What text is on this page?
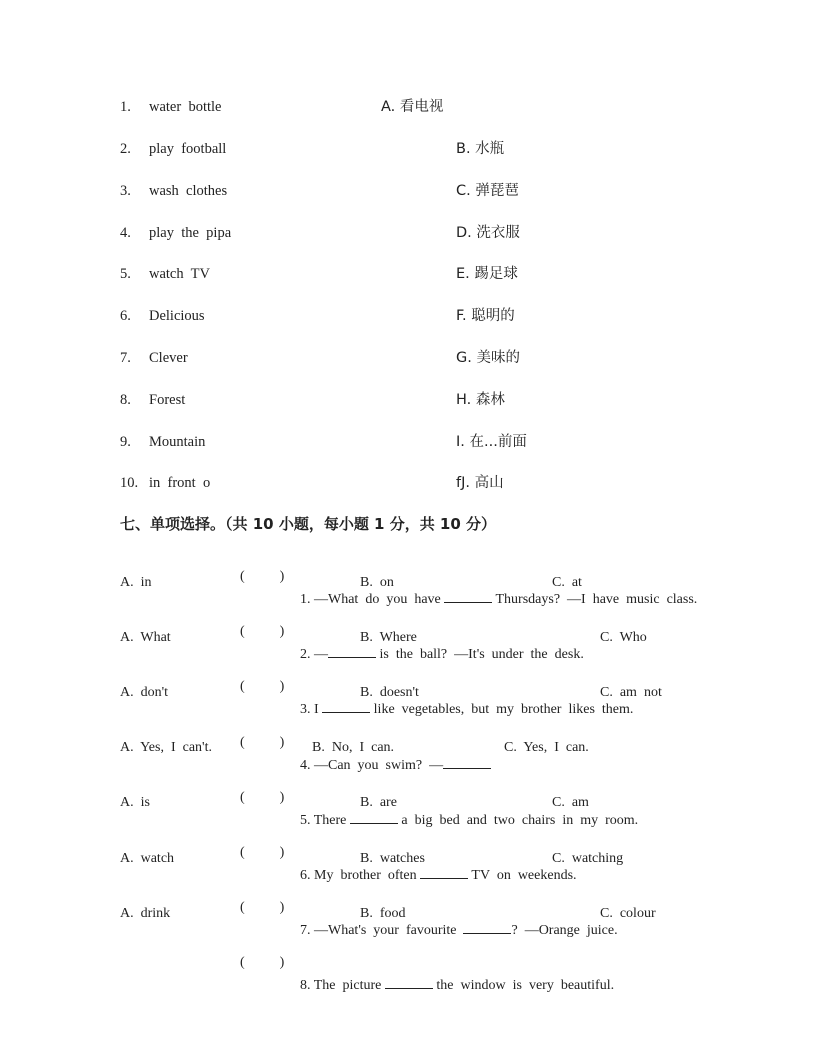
1. water  bottle	A. 看电视
2. play  football	B. 水瓶
3. wash  clothes	C. 弹琵琶
4. play  the  pipa	D. 洗衣服
5. watch  TV	E. 踢足球
6. Delicious	F. 聪明的
7. Clever	G. 美味的
8. Forest	H. 森林
9. Mountain	I. 在...前面
10. in  front  o	fJ. 高山
七、单项选择。（共 10 小题，每小题 1 分，共 10 分）

(          )

1. —What  do  you  have	Thursdays?  —I  have  music  class.

A.  in	B.  on	C.  at

(          )

2. —	is  the  ball?  —It's  under  the  desk.

A.  What	B.  Where	C.  Who

(          )

3. I	like  vegetables,  but  my  brother  likes  them.

A.  don't	B.  doesn't	C.  am  not

(          )

4. —Can  you  swim?  —

A.  Yes,  I  can't.	B.  No,  I  can.	C.  Yes,  I  can.

(          )

5. There	a  big  bed  and  two  chairs  in  my  room.

A.  is	B.  are	C.  am

(          )

6. My  brother  often	TV  on  weekends.

A.  watch	B.  watches	C.  watching

(          )

7. —What's  your  favourite	?  —Orange  juice.

A.  drink	B.  food	C.  colour

(          )

8. The  picture	the  window  is  very  beautiful.
